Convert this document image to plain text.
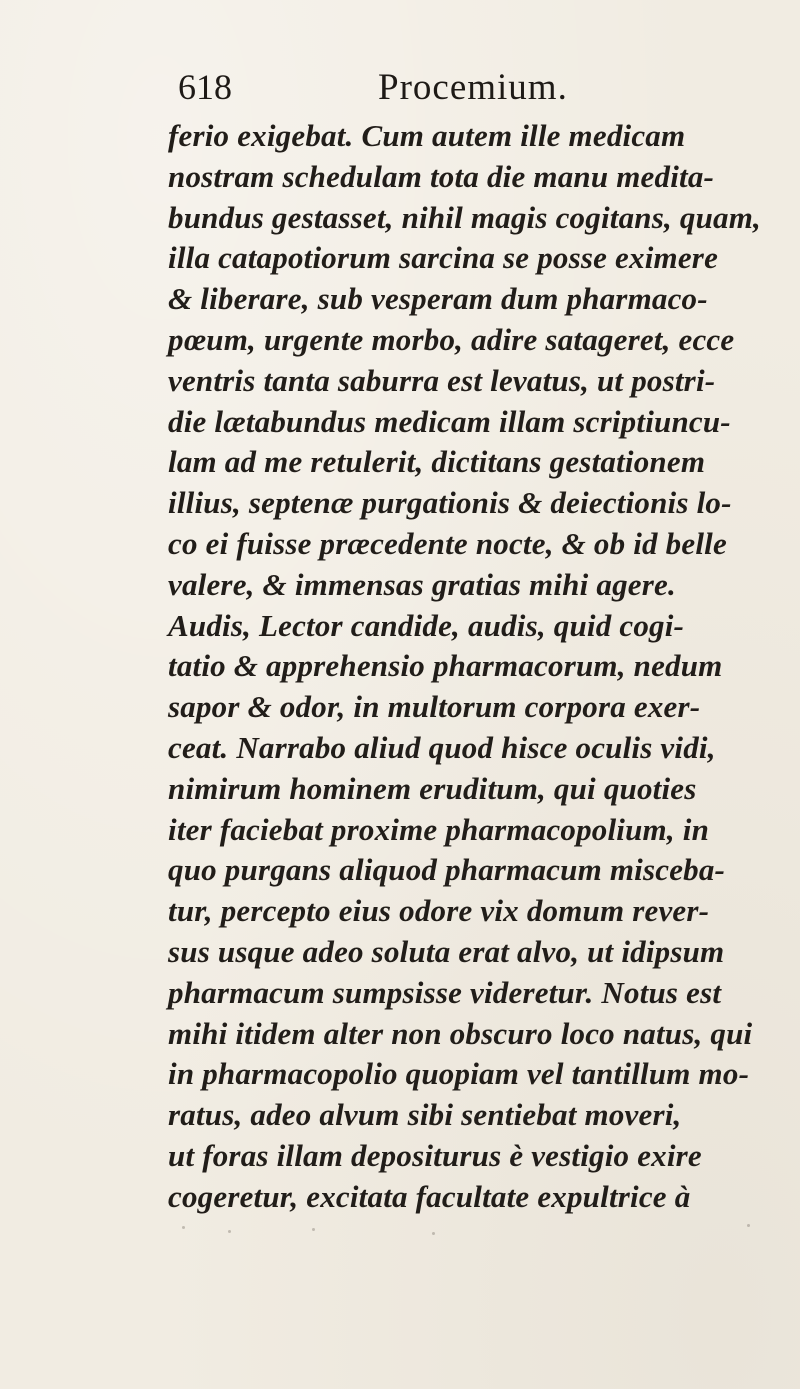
618	Procemium.
ferio exigebat. Cum autem ille medicam
nostram schedulam tota die manu medita-
bundus gestasset, nihil magis cogitans, quam,
illa catapotiorum sarcina se posse eximere
& liberare, sub vesperam dum pharmaco-
pœum, urgente morbo, adire satageret, ecce
ventris tanta saburra est levatus, ut postri-
die lætabundus medicam illam scriptiuncu-
lam ad me retulerit, dictitans gestationem
illius, septenæ purgationis & deiectionis lo-
co ei fuisse præcedente nocte, & ob id belle
valere, & immensas gratias mihi agere.
Audis, Lector candide, audis, quid cogi-
tatio & apprehensio pharmacorum, nedum
sapor & odor, in multorum corpora exer-
ceat. Narrabo aliud quod hisce oculis vidi,
nimirum hominem eruditum, qui quoties
iter faciebat proxime pharmacopolium, in
quo purgans aliquod pharmacum misceba-
tur, percepto eius odore vix domum rever-
sus usque adeo soluta erat alvo, ut idipsum
pharmacum sumpsisse videretur. Notus est
mihi itidem alter non obscuro loco natus, qui
in pharmacopolio quopiam vel tantillum mo-
ratus, adeo alvum sibi sentiebat moveri,
ut foras illam depositurus è vestigio exire
cogeretur, excitata facultate expultrice à
